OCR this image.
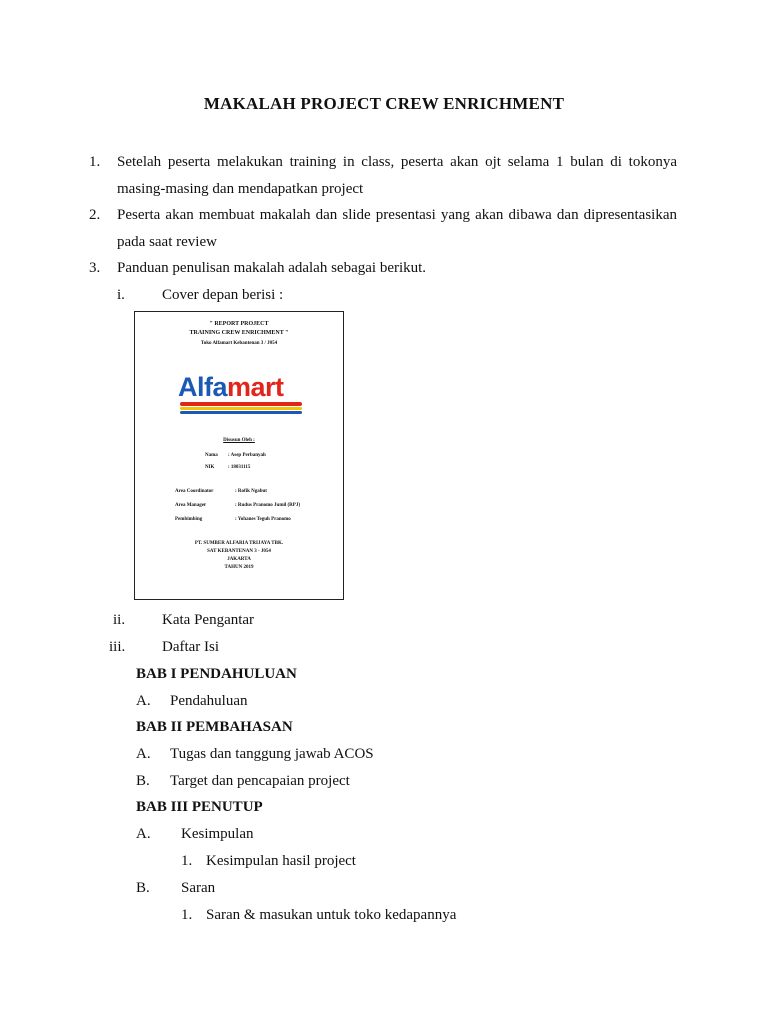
MAKALAH PROJECT CREW ENRICHMENT
1. Setelah peserta melakukan training in class, peserta akan ojt selama 1 bulan di tokonya
masing-masing dan mendapatkan project
2. Peserta akan membuat makalah dan slide presentasi yang akan dibawa dan dipresentasikan
pada saat review
3. Panduan penulisan makalah adalah sebagai berikut.
i. Cover depan berisi :
" REPORT PROJECT
TRAINING CREW ENRICHMENT "
Toko Alfamart Kebantenan 3 / J054
Alfamart
Disusun Oleh :
Nama : Asep Perbanyah
NIK	: 18031115
Area Coordinator	: Rofik Ngabut
Area Manager	: Rudus Pranomo Jumil (RPJ)
Pembimbing	: Yohanes Teguh Pranomo
PT. SUMBER ALFARIA TRIJAYA TBK.
SAT KEBANTENAN 3 - J054
JAKARTA
TAHUN 2019
ii. Kata Pengantar
iii. Daftar Isi
BAB I PENDAHULUAN
A. Pendahuluan
BAB II PEMBAHASAN
A. Tugas dan tanggung jawab ACOS
B. Target dan pencapaian project
BAB III PENUTUP
A. Kesimpulan
1. Kesimpulan hasil project
B. Saran
1. Saran & masukan untuk toko kedapannya
